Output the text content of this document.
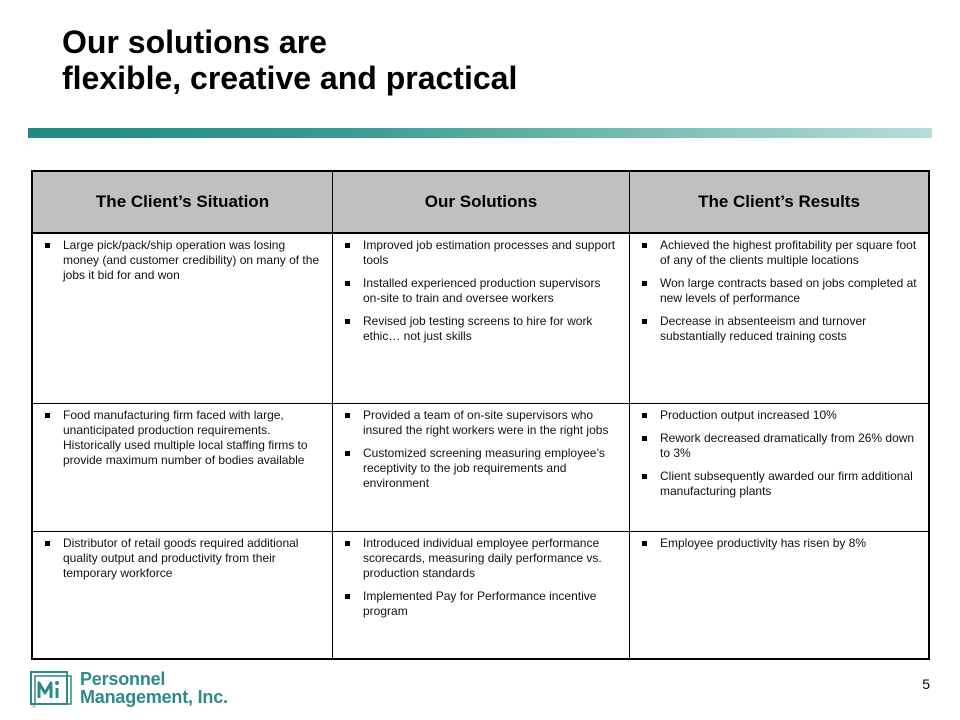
Our solutions are
flexible, creative and practical
The Client’s Situation	Our Solutions	The Client’s Results
Large pick/pack/ship operation was losing money (and customer credibility) on many of the jobs it bid for and won
Improved job estimation processes and support tools
Installed experienced production supervisors on-site to train and oversee workers
Revised job testing screens to hire for work ethic… not just skills
Achieved the highest profitability per square foot of any of the clients multiple locations
Won large contracts based on jobs completed at new levels of performance
Decrease in absenteeism and turnover substantially reduced training costs
Food manufacturing firm faced with large, unanticipated production requirements. Historically used multiple local staffing firms to provide maximum number of bodies available
Provided a team of on-site supervisors who insured the right workers were in the right jobs
Customized screening measuring employee’s receptivity to the job requirements and environment
Production output increased 10%
Rework decreased dramatically from 26% down to 3%
Client subsequently awarded our firm additional manufacturing plants
Distributor of retail goods required additional quality output and productivity from their temporary workforce
Introduced individual employee performance scorecards, measuring daily performance vs. production standards
Implemented Pay for Performance incentive program
Employee productivity has risen by 8%
®
Personnel
Management, Inc.
5
